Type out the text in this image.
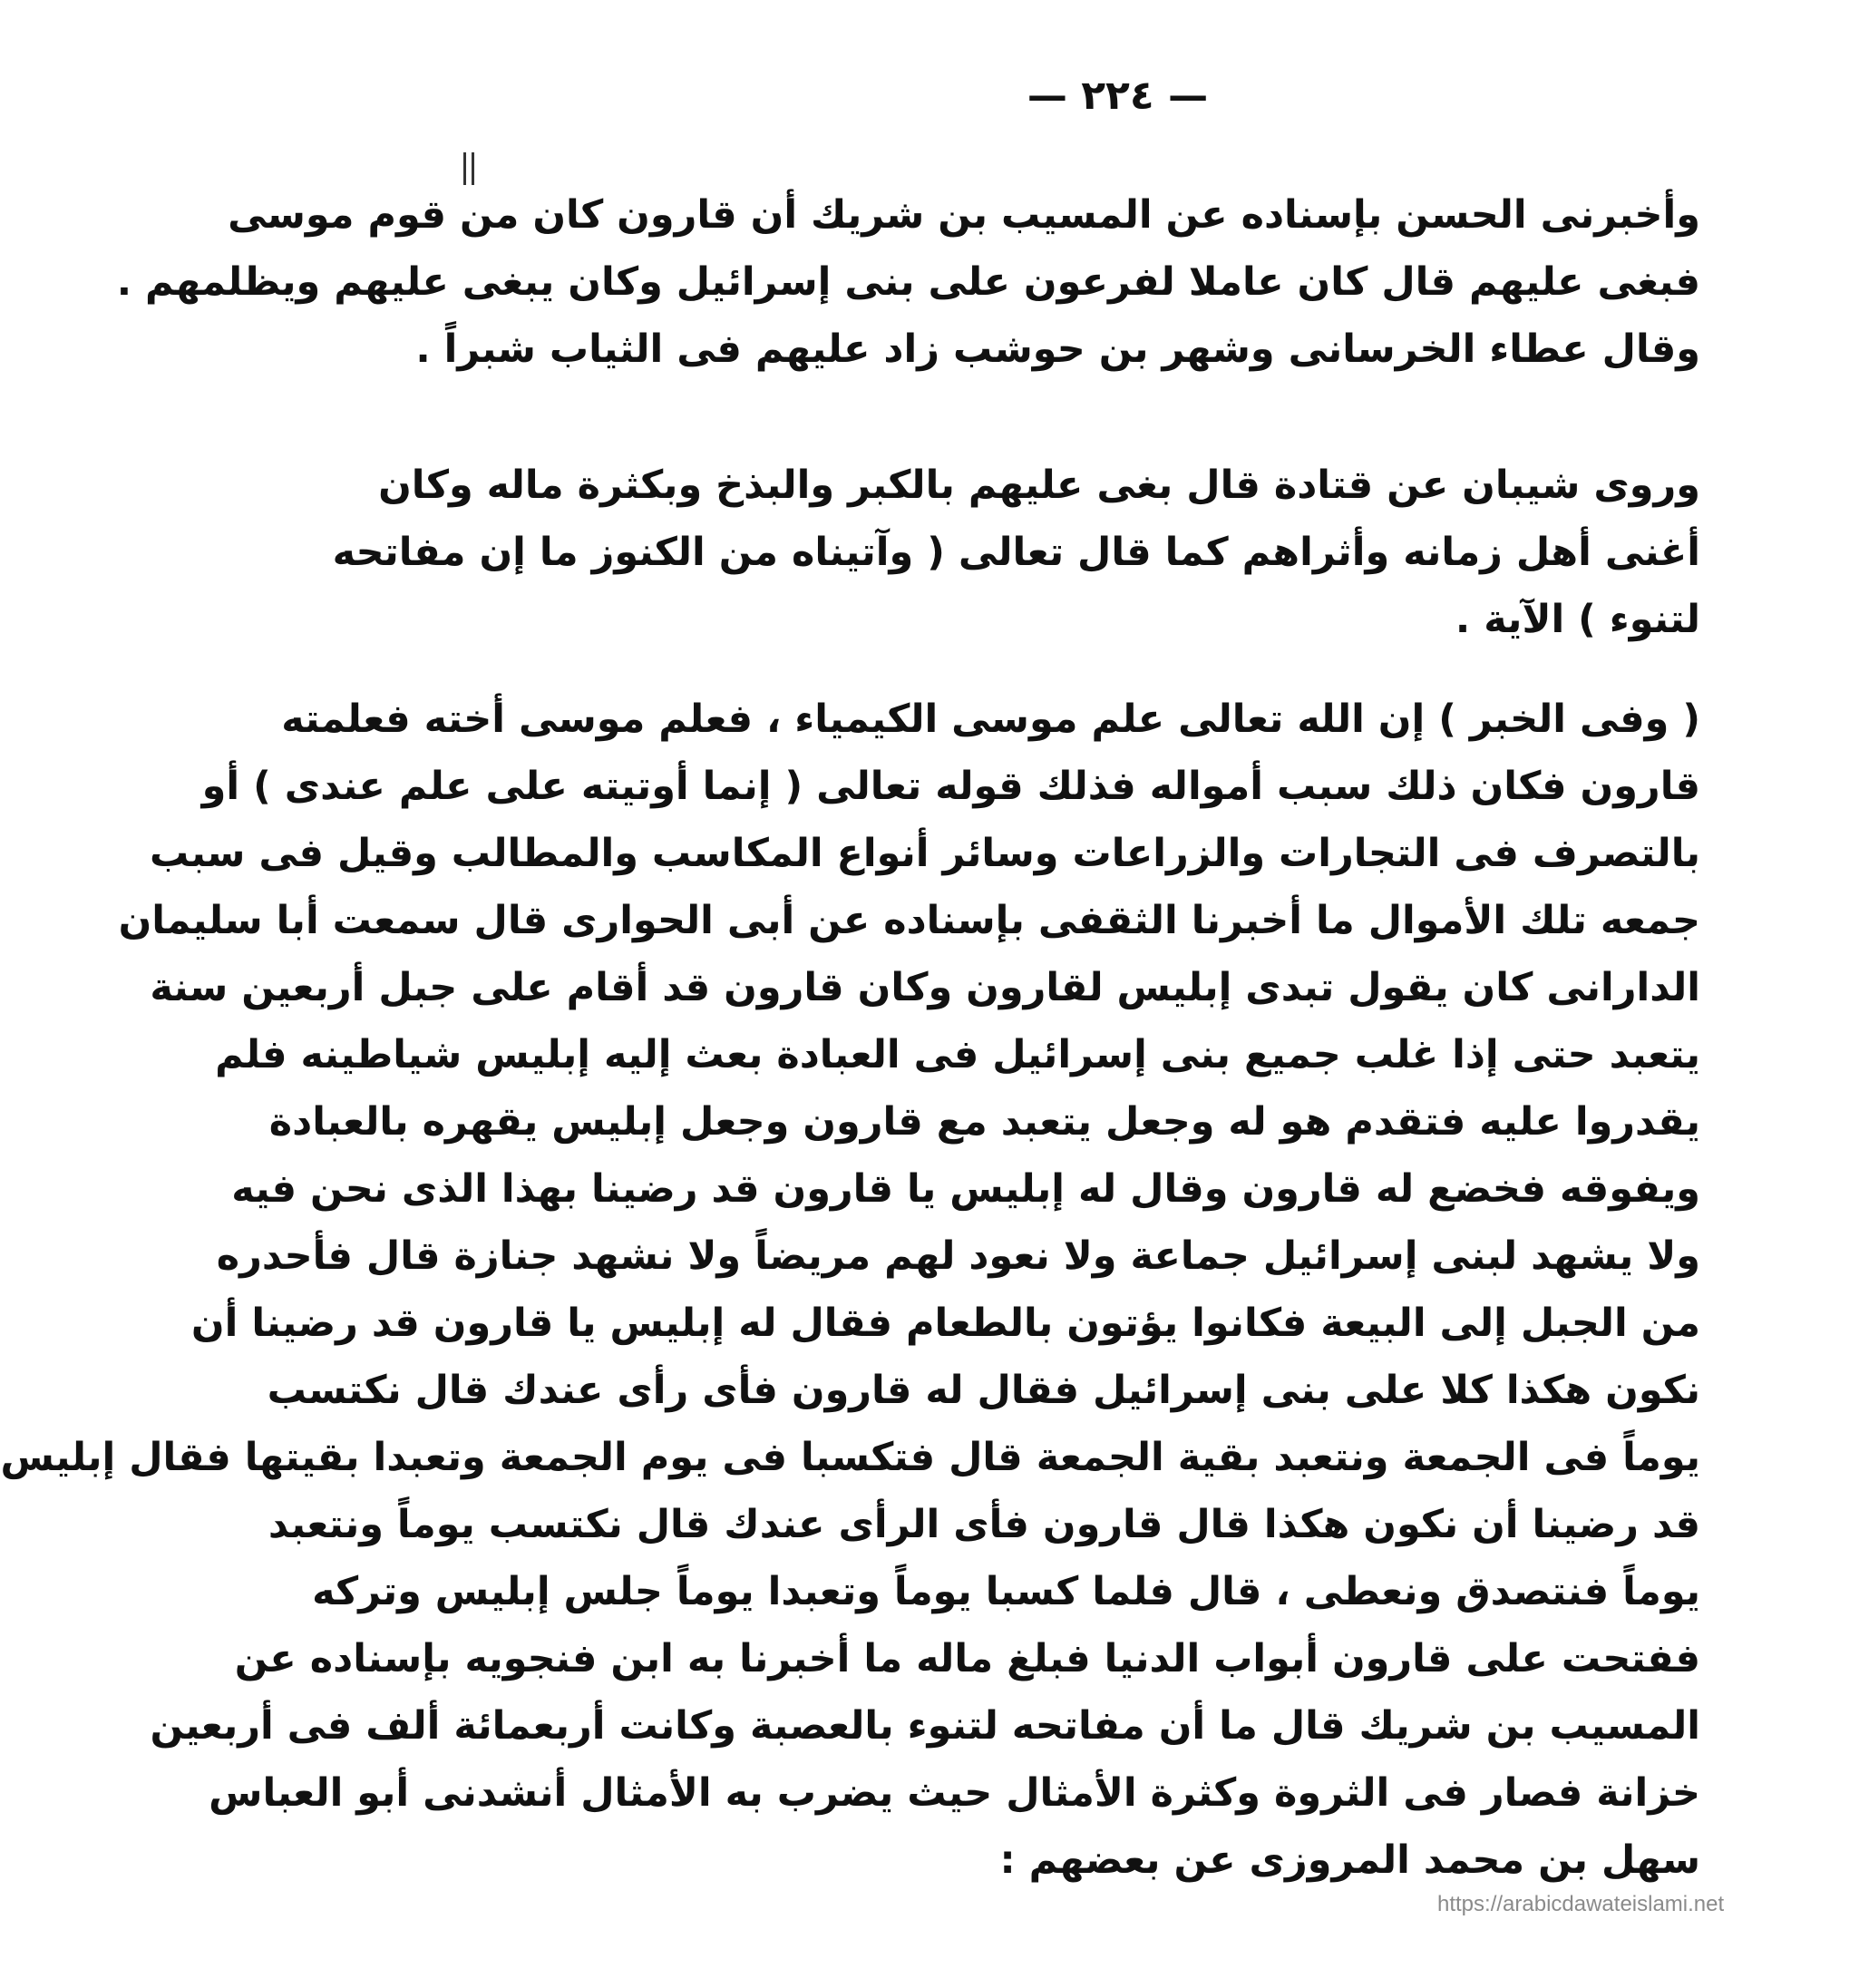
— ٢٢٤ —
وأخبرنى الحسن بإسناده عن المسيب بن شريك أن قارون كان من قوم موسى
فبغى عليهم قال كان عاملا لفرعون على بنى إسرائيل وكان يبغى عليهم ويظلمهم .
وقال عطاء الخرسانى وشهر بن حوشب زاد عليهم فى الثياب شبراً .
وروى شيبان عن قتادة قال بغى عليهم بالكبر والبذخ وبكثرة ماله وكان
أغنى أهل زمانه وأثراهم كما قال تعالى ( وآتيناه من الكنوز ما إن مفاتحه
لتنوء ) الآية .
( وفى الخبر ) إن الله تعالى علم موسى الكيمياء ، فعلم موسى أخته فعلمته
قارون فكان ذلك سبب أمواله فذلك قوله تعالى ( إنما أوتيته على علم عندى ) أو
بالتصرف فى التجارات والزراعات وسائر أنواع المكاسب والمطالب وقيل فى سبب
جمعه تلك الأموال ما أخبرنا الثقفى بإسناده عن أبى الحوارى قال سمعت أبا سليمان
الدارانى كان يقول تبدى إبليس لقارون وكان قارون قد أقام على جبل أربعين سنة
يتعبد حتى إذا غلب جميع بنى إسرائيل فى العبادة بعث إليه إبليس شياطينه فلم
يقدروا عليه فتقدم هو له وجعل يتعبد مع قارون وجعل إبليس يقهره بالعبادة
ويفوقه فخضع له قارون وقال له إبليس يا قارون قد رضينا بهذا الذى نحن فيه
ولا يشهد لبنى إسرائيل جماعة ولا نعود لهم مريضاً ولا نشهد جنازة قال فأحدره
من الجبل إلى البيعة فكانوا يؤتون بالطعام فقال له إبليس يا قارون قد رضينا أن
نكون هكذا كلا على بنى إسرائيل فقال له قارون فأى رأى عندك قال نكتسب
يوماً فى الجمعة ونتعبد بقية الجمعة قال فتكسبا فى يوم الجمعة وتعبدا بقيتها فقال إبليس
قد رضينا أن نكون هكذا قال قارون فأى الرأى عندك قال نكتسب يوماً ونتعبد
يوماً فنتصدق ونعطى ، قال فلما كسبا يوماً وتعبدا يوماً جلس إبليس وتركه
ففتحت على قارون أبواب الدنيا فبلغ ماله ما أخبرنا به ابن فنجويه بإسناده عن
المسيب بن شريك قال ما أن مفاتحه لتنوء بالعصبة وكانت أربعمائة ألف فى أربعين
خزانة فصار فى الثروة وكثرة الأمثال حيث يضرب به الأمثال أنشدنى أبو العباس
سهل بن محمد المروزى عن بعضهم :
https://arabicdawateislami.net
